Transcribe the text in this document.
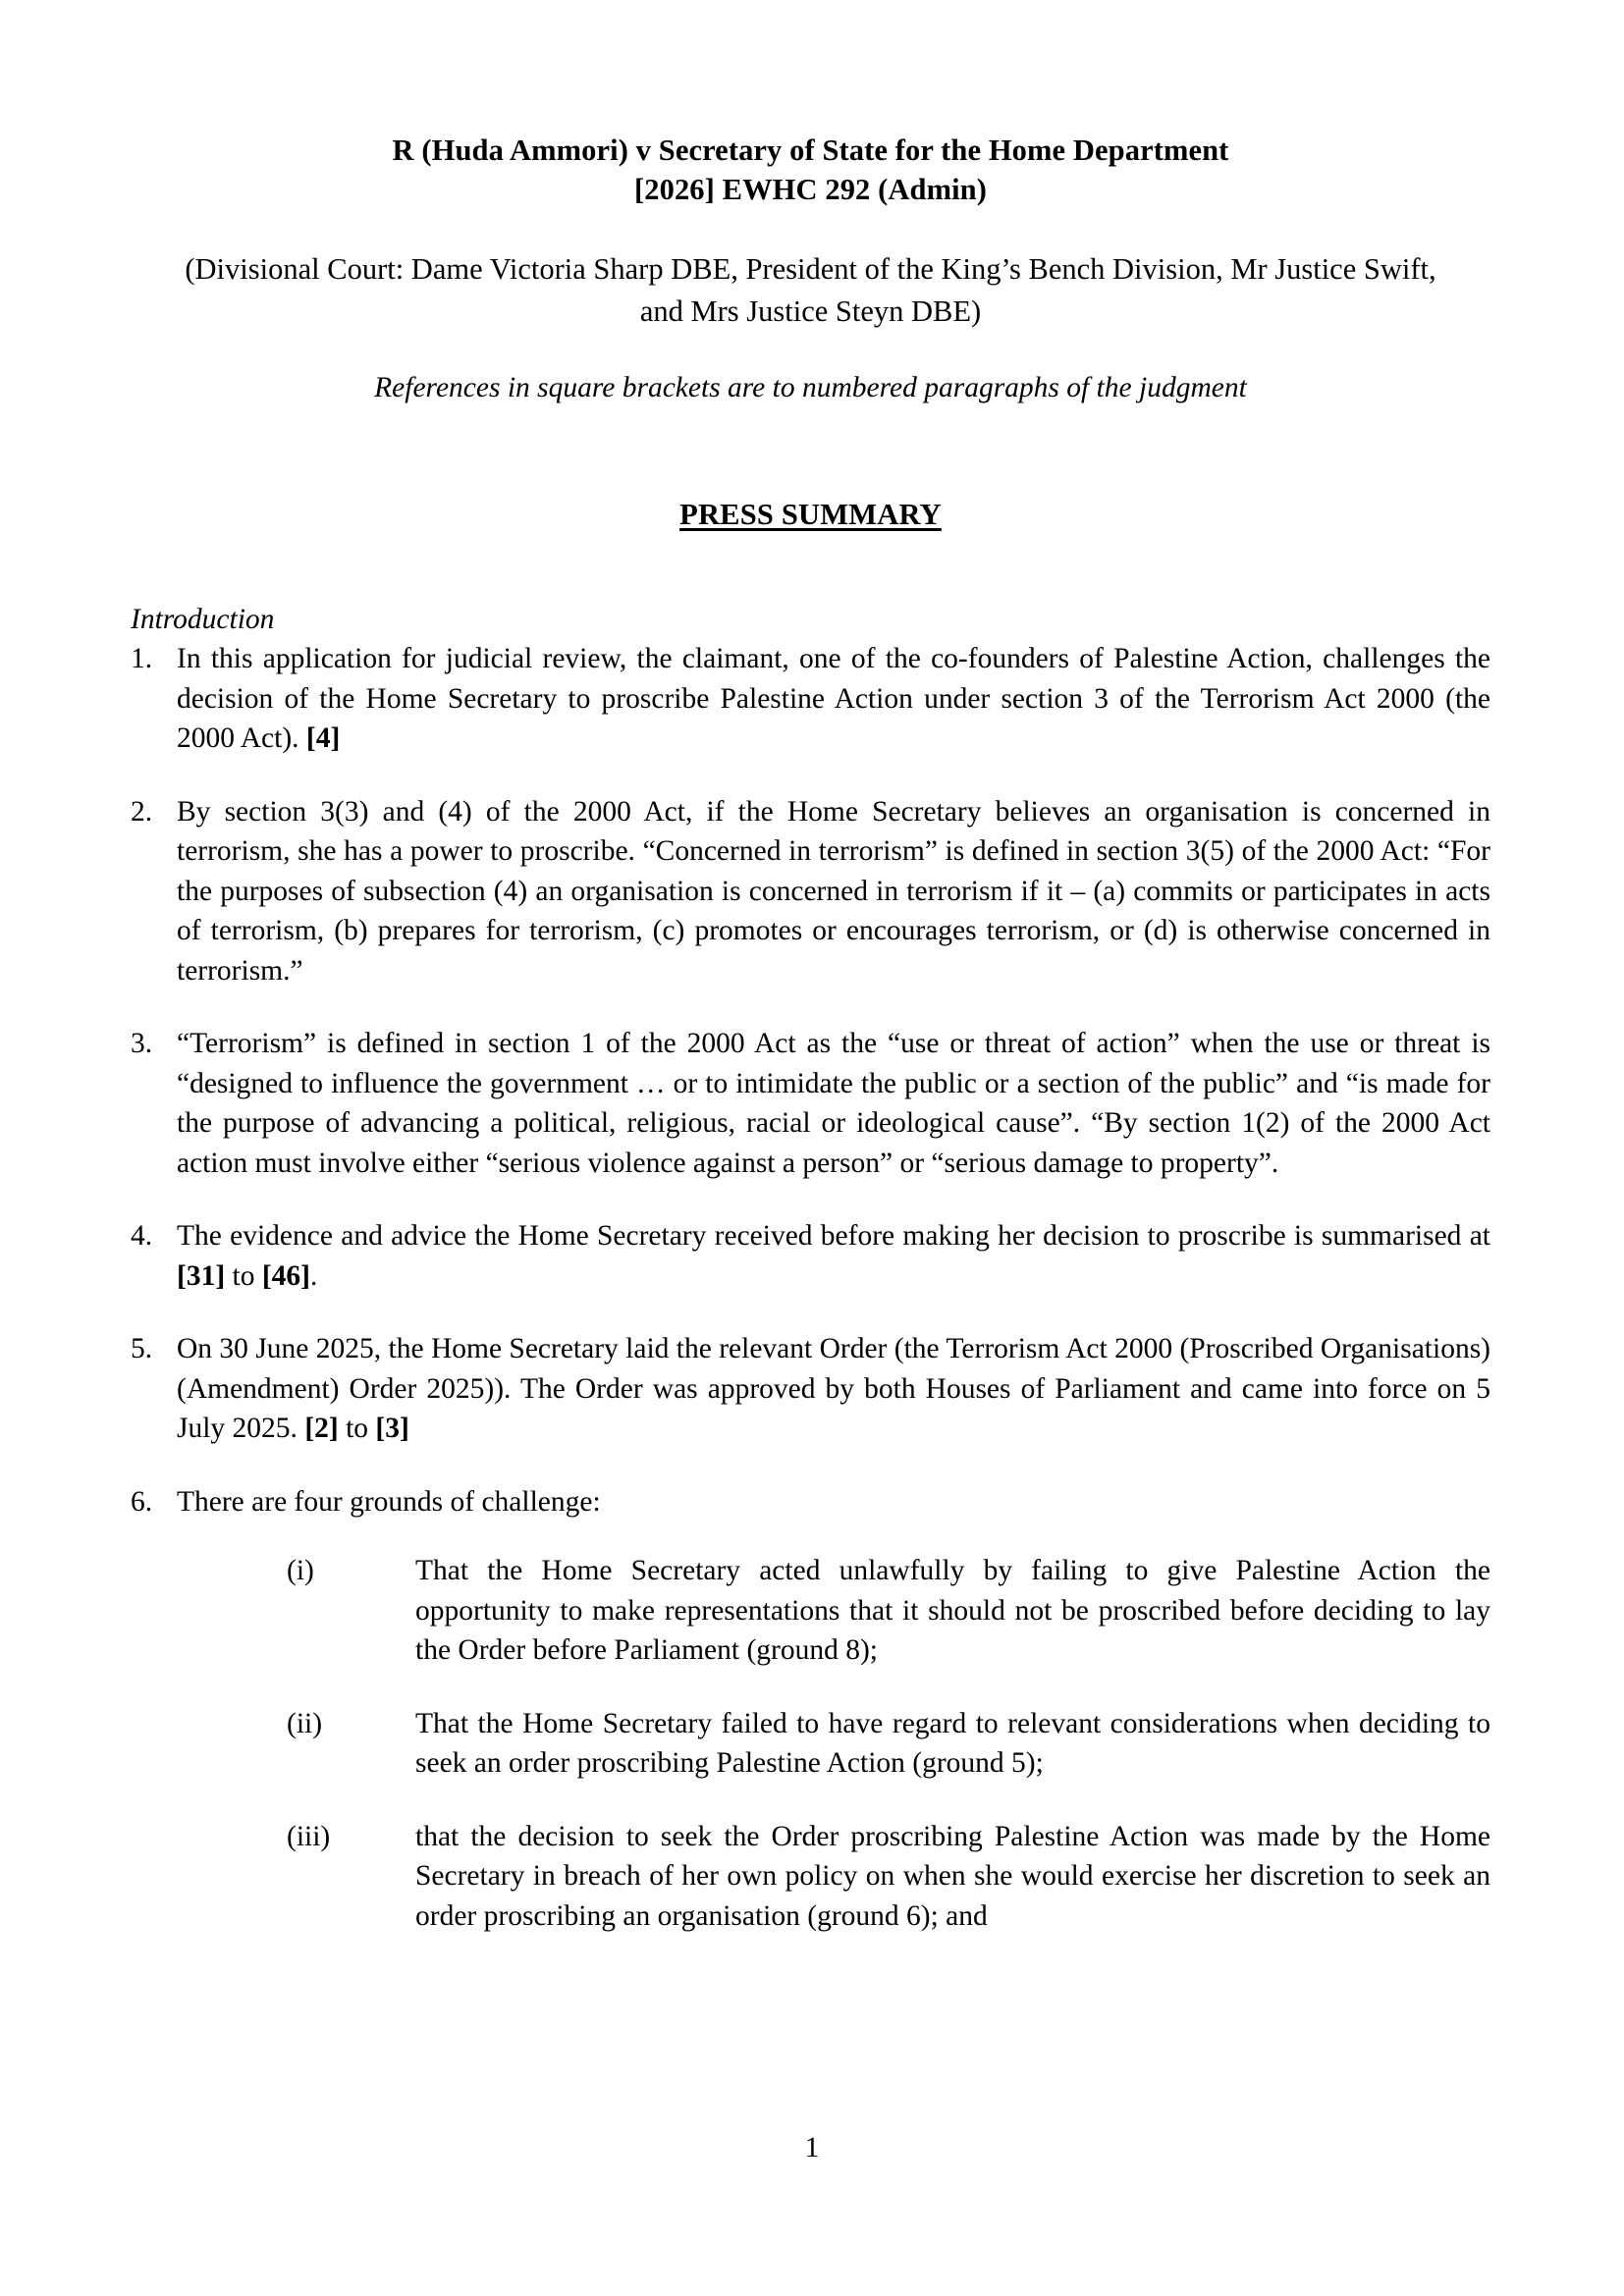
R (Huda Ammori) v Secretary of State for the Home Department
[2026] EWHC 292 (Admin)
(Divisional Court: Dame Victoria Sharp DBE, President of the King’s Bench Division, Mr Justice Swift, and Mrs Justice Steyn DBE)
References in square brackets are to numbered paragraphs of the judgment
PRESS SUMMARY
Introduction
1. In this application for judicial review, the claimant, one of the co-founders of Palestine Action, challenges the decision of the Home Secretary to proscribe Palestine Action under section 3 of the Terrorism Act 2000 (the 2000 Act). [4]
2. By section 3(3) and (4) of the 2000 Act, if the Home Secretary believes an organisation is concerned in terrorism, she has a power to proscribe. “Concerned in terrorism” is defined in section 3(5) of the 2000 Act: “For the purposes of subsection (4) an organisation is concerned in terrorism if it – (a) commits or participates in acts of terrorism, (b) prepares for terrorism, (c) promotes or encourages terrorism, or (d) is otherwise concerned in terrorism.”
3. “Terrorism” is defined in section 1 of the 2000 Act as the “use or threat of action” when the use or threat is “designed to influence the government … or to intimidate the public or a section of the public” and “is made for the purpose of advancing a political, religious, racial or ideological cause”. “By section 1(2) of the 2000 Act action must involve either “serious violence against a person” or “serious damage to property”.
4. The evidence and advice the Home Secretary received before making her decision to proscribe is summarised at [31] to [46].
5. On 30 June 2025, the Home Secretary laid the relevant Order (the Terrorism Act 2000 (Proscribed Organisations) (Amendment) Order 2025)). The Order was approved by both Houses of Parliament and came into force on 5 July 2025. [2] to [3]
6. There are four grounds of challenge:
(i)	That the Home Secretary acted unlawfully by failing to give Palestine Action the opportunity to make representations that it should not be proscribed before deciding to lay the Order before Parliament (ground 8);
(ii)	That the Home Secretary failed to have regard to relevant considerations when deciding to seek an order proscribing Palestine Action (ground 5);
(iii)	that the decision to seek the Order proscribing Palestine Action was made by the Home Secretary in breach of her own policy on when she would exercise her discretion to seek an order proscribing an organisation (ground 6); and
1
